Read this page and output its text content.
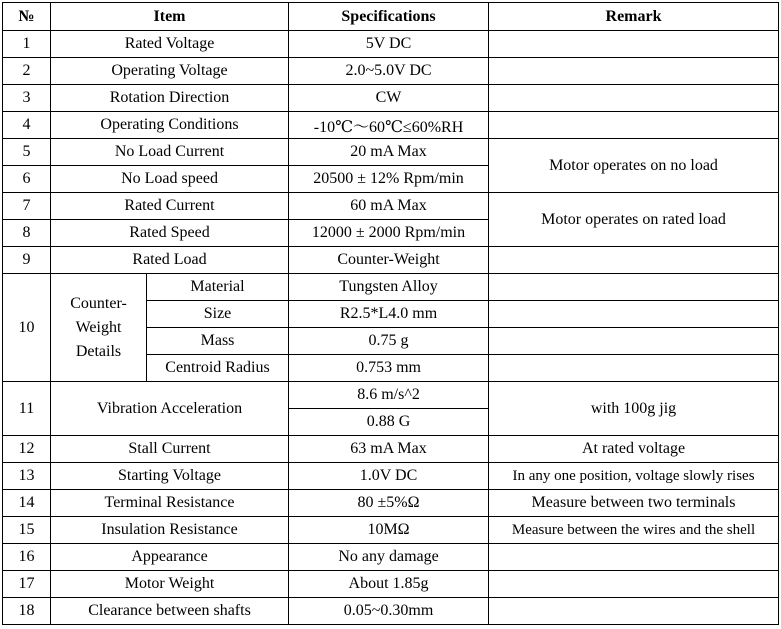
№	Item		Specifications	Remark
1	Rated Voltage		5V DC	
2	Operating Voltage		2.0~5.0V DC	
3	Rotation Direction		CW	
4	Operating Conditions		-10℃～60℃≤60%RH	
5	No Load Current		20 mA Max	Motor operates on no load
6	No Load speed		20500 ± 12% Rpm/min	
7	Rated Current		60 mA Max	Motor operates on rated load
8	Rated Speed		12000 ± 2000 Rpm/min	
9	Rated Load		Counter-Weight	
10	Counter-Weight Details	Material	Tungsten Alloy	
		Size	R2.5*L4.0 mm	
		Mass	0.75 g	
		Centroid Radius	0.753 mm	
11	Vibration Acceleration		8.6 m/s^2	with 100g jig
			0.88 G	
12	Stall Current		63 mA Max	At rated voltage
13	Starting Voltage		1.0V DC	In any one position, voltage slowly rises
14	Terminal Resistance		80 ±5%Ω	Measure between two terminals
15	Insulation Resistance		10MΩ	Measure between the wires and the shell
16	Appearance		No any damage	
17	Motor Weight		About 1.85g	
18	Clearance between shafts		0.05~0.30mm	
